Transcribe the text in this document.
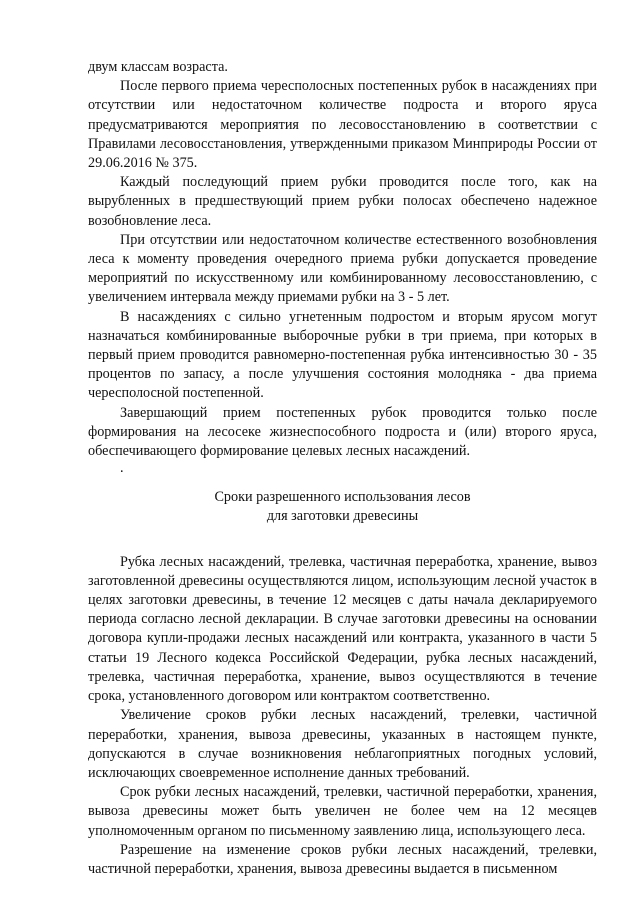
двум классам возраста.

После первого приема чересполосных постепенных рубок в насаждениях при отсутствии или недостаточном количестве подроста и второго яруса предусматриваются мероприятия по лесовосстановлению в соответствии с Правилами лесовосстановления, утвержденными приказом Минприроды России от 29.06.2016 № 375.

Каждый последующий прием рубки проводится после того, как на вырубленных в предшествующий прием рубки полосах обеспечено надежное возобновление леса.

При отсутствии или недостаточном количестве естественного возобновления леса к моменту проведения очередного приема рубки допускается проведение мероприятий по искусственному или комбинированному лесовосстановлению, с увеличением интервала между приемами рубки на 3 - 5 лет.

В насаждениях с сильно угнетенным подростом и вторым ярусом могут назначаться комбинированные выборочные рубки в три приема, при которых в первый прием проводится равномерно-постепенная рубка интенсивностью 30 - 35 процентов по запасу, а после улучшения состояния молодняка - два приема чересполосной постепенной.

Завершающий прием постепенных рубок проводится только после формирования на лесосеке жизнеспособного подроста и (или) второго яруса, обеспечивающего формирование целевых лесных насаждений.

.

Сроки разрешенного использования лесов
для заготовки древесины

Рубка лесных насаждений, трелевка, частичная переработка, хранение, вывоз заготовленной древесины осуществляются лицом, использующим лесной участок в целях заготовки древесины, в течение 12 месяцев с даты начала декларируемого периода согласно лесной декларации. В случае заготовки древесины на основании договора купли-продажи лесных насаждений или контракта, указанного в части 5 статьи 19 Лесного кодекса Российской Федерации, рубка лесных насаждений, трелевка, частичная переработка, хранение, вывоз осуществляются в течение срока, установленного договором или контрактом соответственно.

Увеличение сроков рубки лесных насаждений, трелевки, частичной переработки, хранения, вывоза древесины, указанных в настоящем пункте, допускаются в случае возникновения неблагоприятных погодных условий, исключающих своевременное исполнение данных требований.

Срок рубки лесных насаждений, трелевки, частичной переработки, хранения, вывоза древесины может быть увеличен не более чем на 12 месяцев уполномоченным органом по письменному заявлению лица, использующего леса.

Разрешение на изменение сроков рубки лесных насаждений, трелевки, частичной переработки, хранения, вывоза древесины выдается в письменном
